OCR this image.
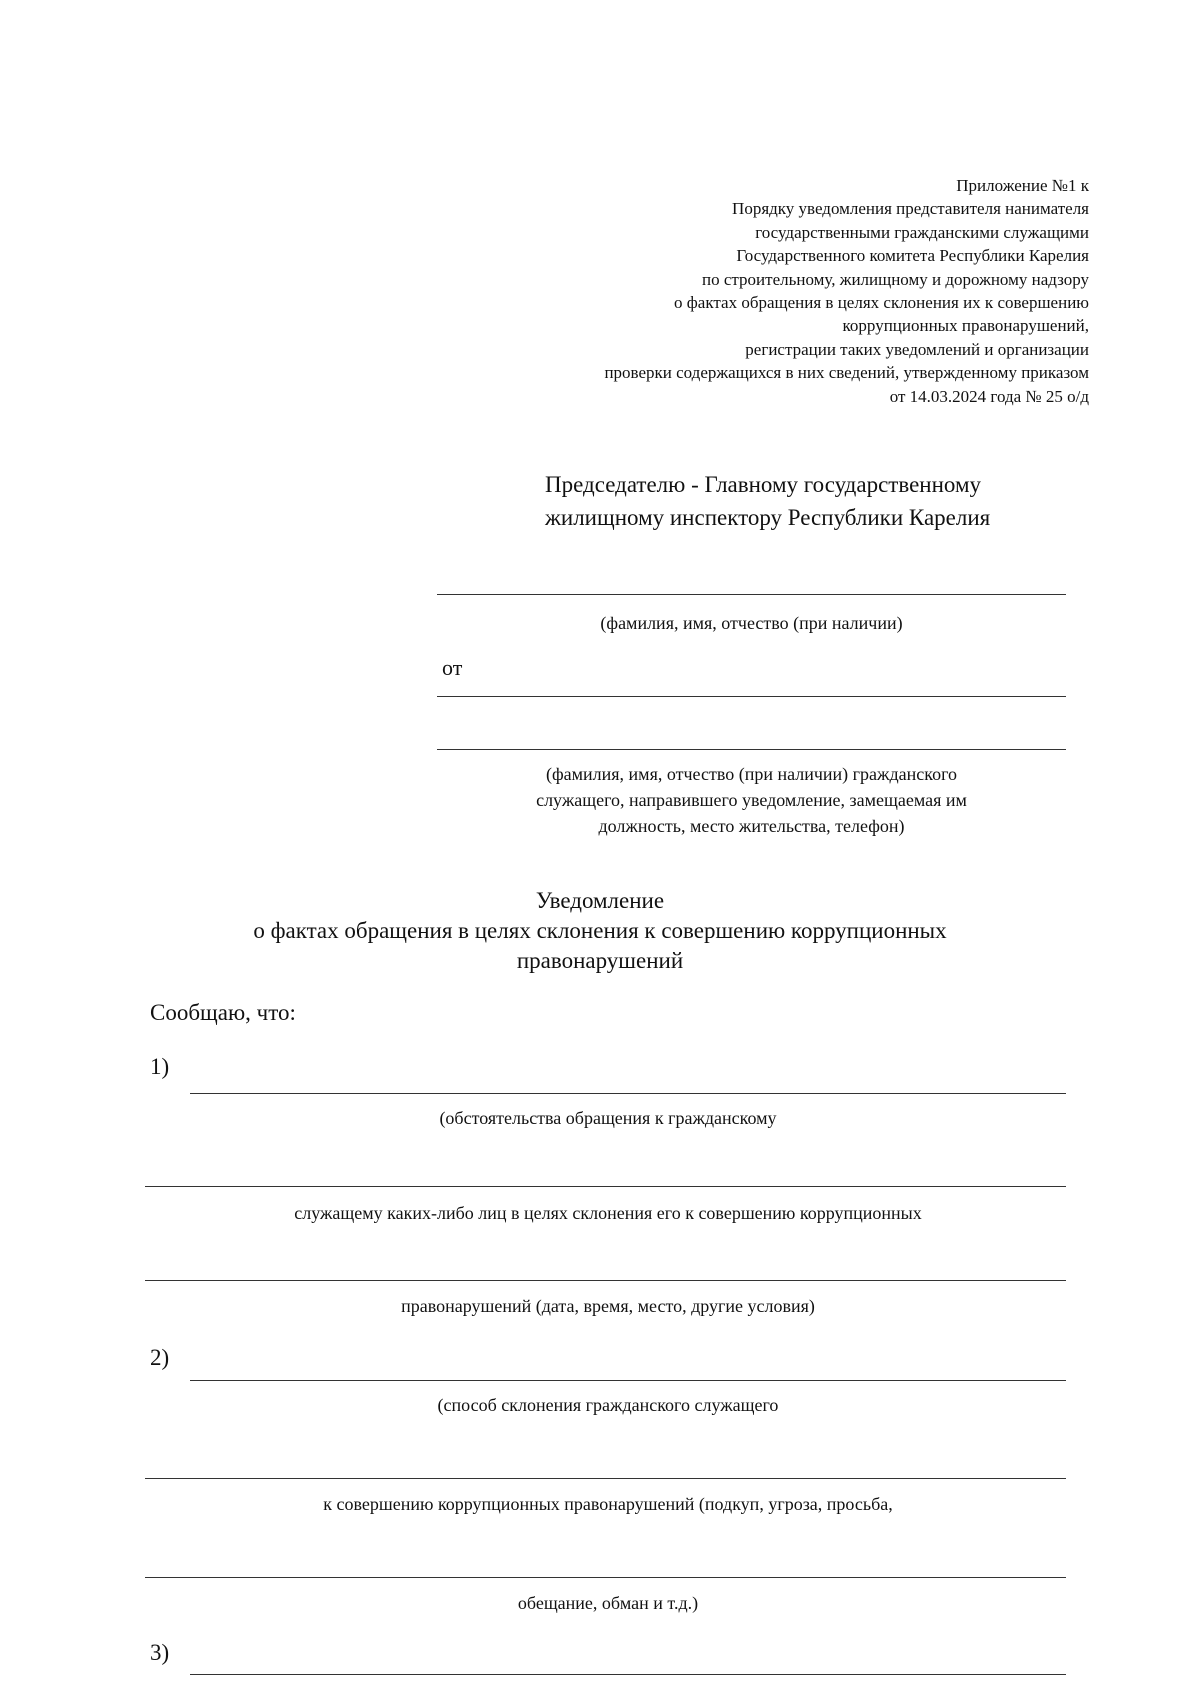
Приложение №1 к
Порядку уведомления представителя нанимателя
государственными гражданскими служащими
Государственного комитета Республики Карелия
по строительному, жилищному и дорожному надзору
о фактах обращения в целях склонения их к совершению
коррупционных правонарушений,
регистрации таких уведомлений и организации
проверки содержащихся в них сведений, утвержденному приказом
от 14.03.2024 года № 25 о/д
Председателю - Главному государственному
жилищному инспектору Республики Карелия
(фамилия, имя, отчество (при наличии)
от
(фамилия, имя, отчество (при наличии) гражданского
служащего, направившего уведомление, замещаемая им
должность, место жительства, телефон)
Уведомление
о фактах обращения в целях склонения к совершению коррупционных
правонарушений
Сообщаю, что:
1)
(обстоятельства обращения к гражданскому
служащему каких-либо лиц в целях склонения его к совершению коррупционных
правонарушений (дата, время, место, другие условия)
2)
(способ склонения гражданского служащего
к совершению коррупционных правонарушений (подкуп, угроза, просьба,
обещание, обман и т.д.)
3)
